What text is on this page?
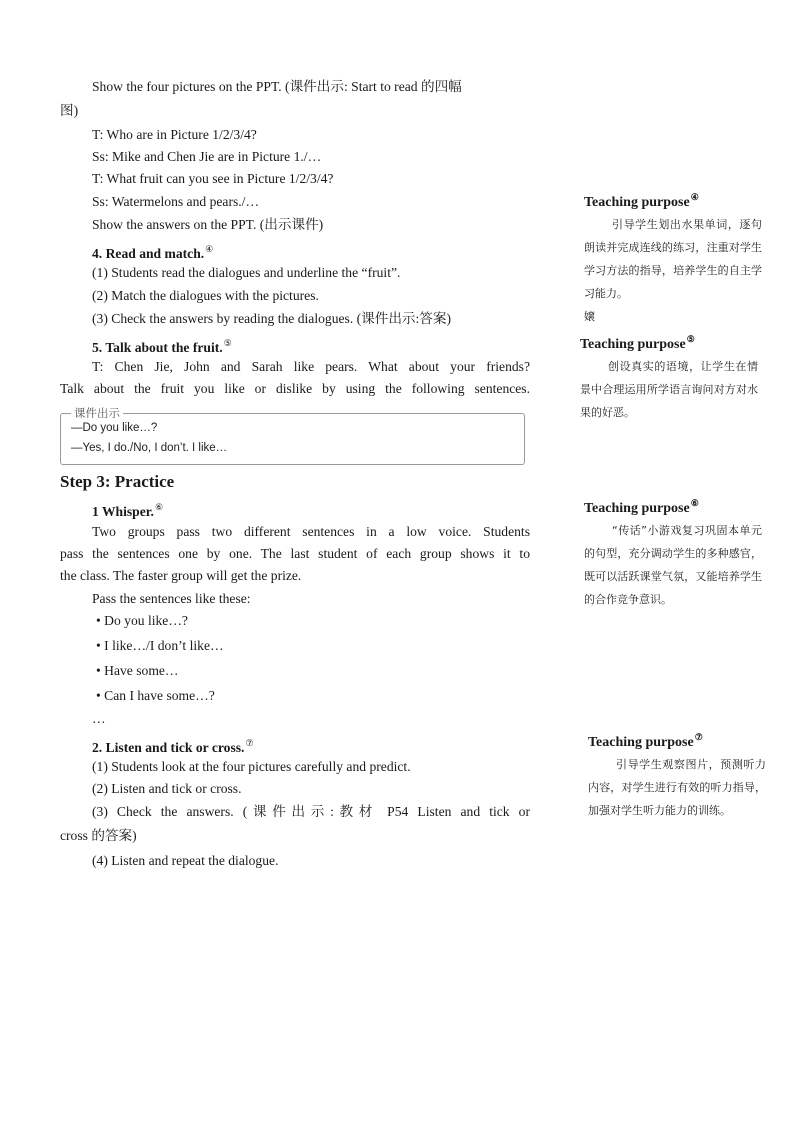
Show the four pictures on the PPT. (课件出示: Start to read 的四幅
图)
T: Who are in Picture 1/2/3/4?
Ss: Mike and Chen Jie are in Picture 1./…
T: What fruit can you see in Picture 1/2/3/4?
Ss: Watermelons and pears./…
Show the answers on the PPT. (出示课件)
4. Read and match.④
(1) Students read the dialogues and underline the “fruit”.
(2) Match the dialogues with the pictures.
(3) Check the answers by reading the dialogues. (课件出示:答案)
5. Talk about the fruit.⑤
T: Chen Jie, John and Sarah like pears. What about your friends?
Talk about the fruit you like or dislike by using the following sentences.
课件出示
—Do you like…?
—Yes, I do./No, I don’t. I like…
Step 3: Practice
1 Whisper.⑥
Two groups pass two different sentences in a low voice. Students
pass the sentences one by one. The last student of each group shows it to
the class. The faster group will get the prize.
Pass the sentences like these:
• Do you like…?
• I like…/I don’t like…
• Have some…
• Can I have some…?
…
2. Listen and tick or cross.⑦
(1) Students look at the four pictures carefully and predict.
(2) Listen and tick or cross.
(3) Check the answers. (课件出示:教材 P54 Listen and tick or
cross 的答案)
(4) Listen and repeat the dialogue.
Teaching purpose④
引导学生划出水果单词，逐句朗读并完成连线的练习，注重对学生学习方法的指导，培养学生的自主学习能力。
嬢
Teaching purpose⑤
创设真实的语境，让学生在情景中合理运用所学语言询问对方对水果的好恶。
Teaching purpose⑥
“传话”小游戏复习巩固本单元的句型，充分调动学生的多种感官，既可以活跃课堂气氛，又能培养学生的合作竞争意识。
Teaching purpose⑦
引导学生观察图片，预测听力内容，对学生进行有效的听力指导，加强对学生听力能力的训练。
